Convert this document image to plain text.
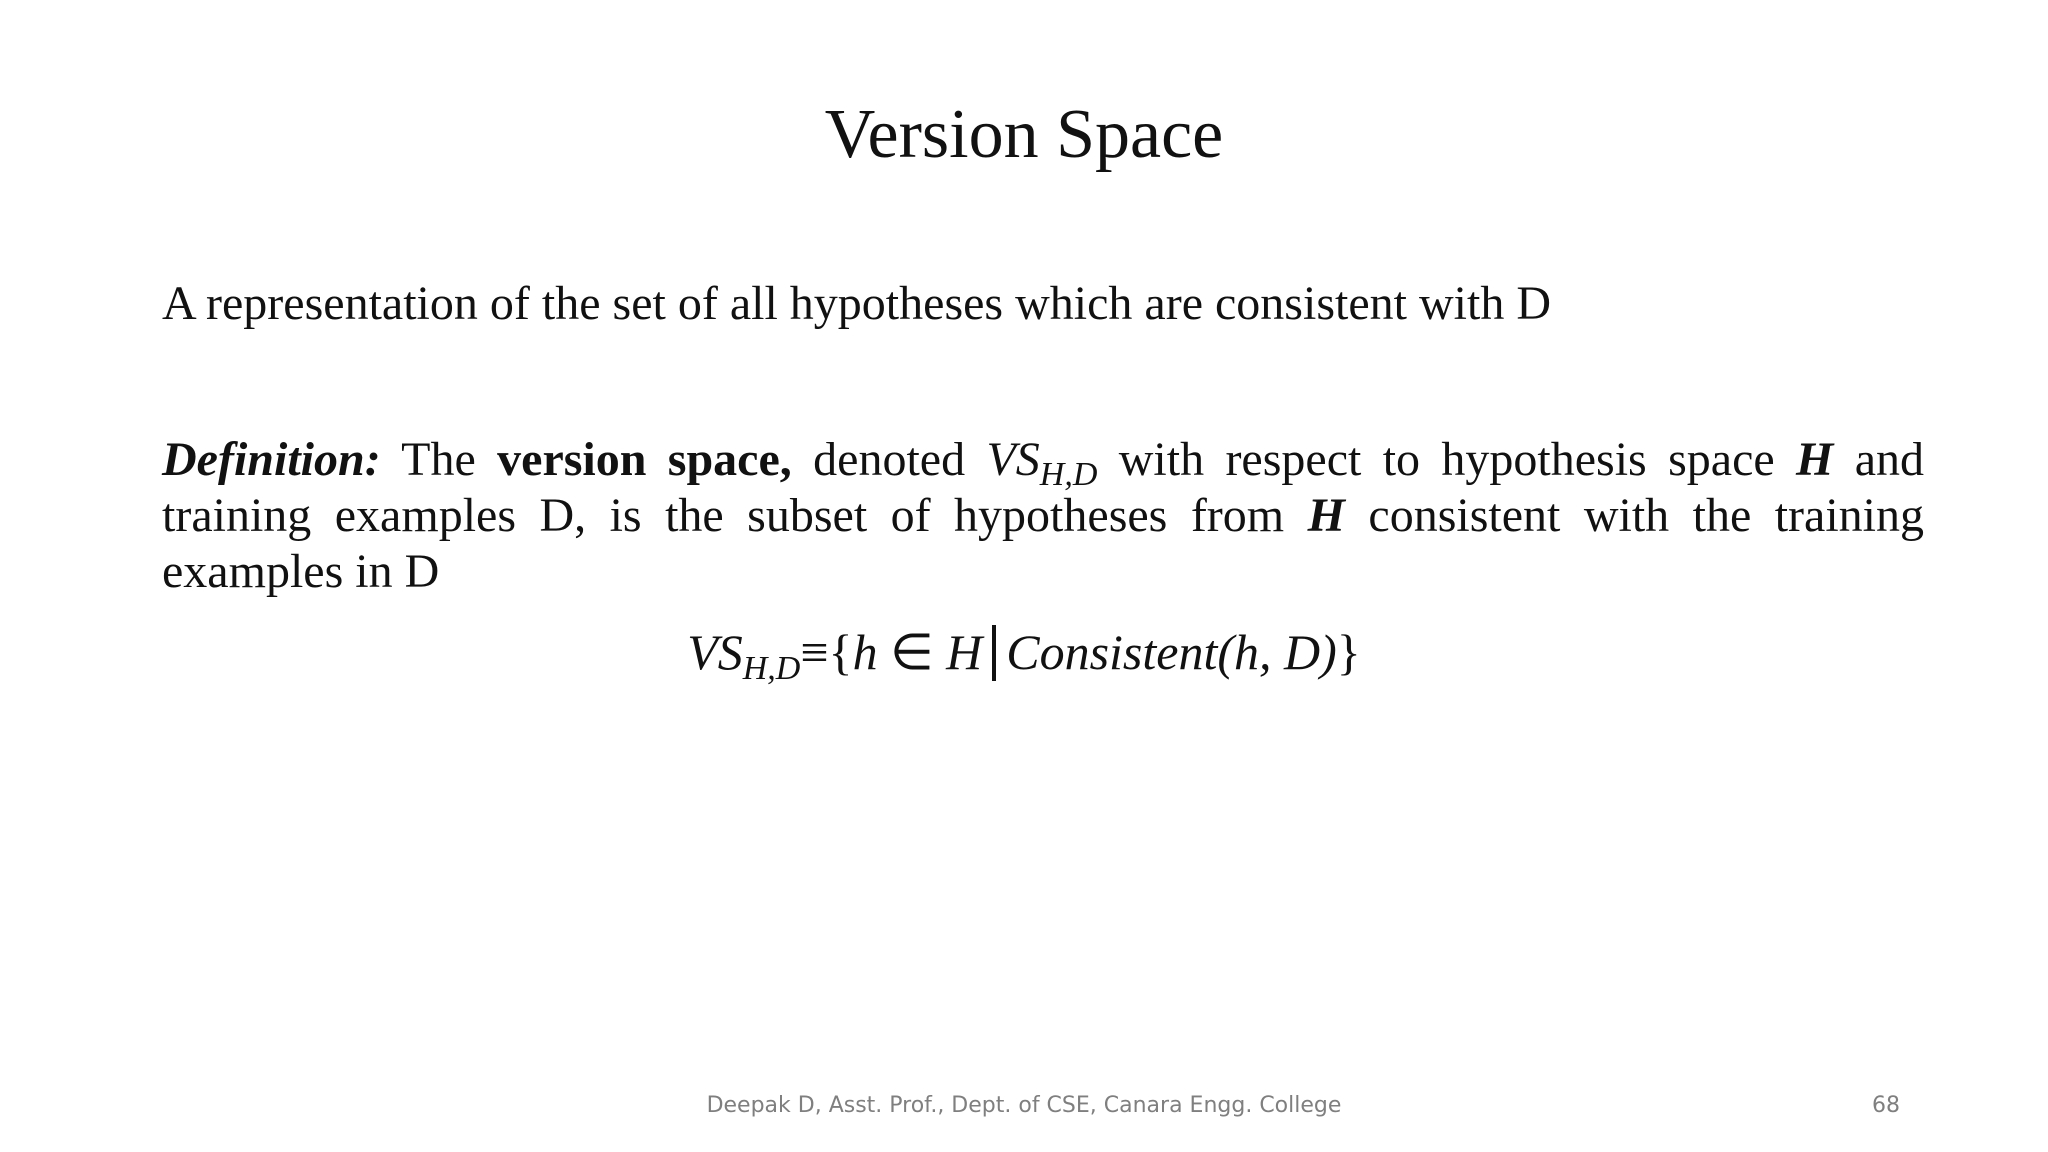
Version Space
A representation of the set of all hypotheses which are consistent with D
Definition: The version space, denoted $VS_{H,D}$ with respect to hypothesis space H and training examples D, is the subset of hypotheses from H consistent with the training examples in D
$VS_{H,D}\equiv\{h$ ∈ H Consistent(h, D)}
Deepak D, Asst. Prof., Dept. of CSE, Canara Engg. College	68
